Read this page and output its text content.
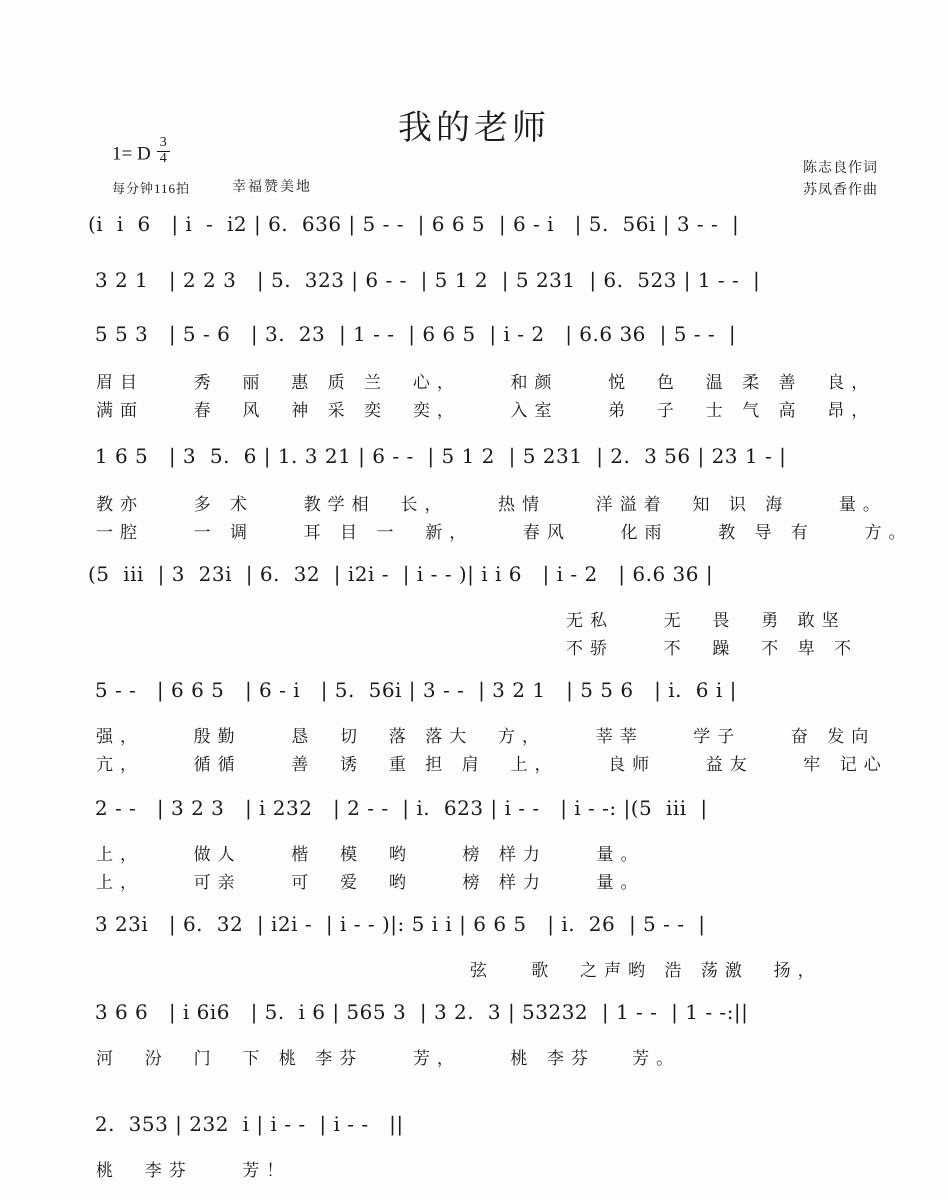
我的老师
1= D $\frac{3}{4}$
每分钟116拍	幸福赞美地
陈志良作词
苏凤香作曲
(i  i  6   | i  -  i2 | 6.  636 | 5 - -  | 6 6 5  | 6 - i   | 5.  56i | 3 - -  |
3 2 1   | 2 2 3   | 5.  323 | 6 - -  | 5 1 2  | 5 231  | 6.  523 | 1 - -  |
5 5 3   | 5 - 6   | 3.  23  | 1 - -  | 6 6 5  | i - 2   | 6.6 36  | 5 - -  |
眉目    秀  丽  惠 质 兰  心，    和颜    悦  色  温 柔 善  良，
满面    春  风  神 采 奕  奕，    入室    弟  子  士 气 高  昂，
1 6 5   | 3  5.  6 | 1. 3 21 | 6 - -  | 5 1 2  | 5 231  | 2.  3 56 | 23 1 - |
教亦    多 术    教学相  长，    热情    洋溢着  知 识 海    量。
一腔    一 调    耳 目 一  新，    春风    化雨    教 导 有    方。
(5  iii  | 3  23i  | 6.  32  | i2i -  | i - - )| i i 6   | i - 2   | 6.6 36 |
无私    无  畏  勇 敢坚
不骄    不  躁  不 卑 不
5 - -   | 6 6 5   | 6 - i   | 5.  56i | 3 - -  | 3 2 1   | 5 5 6   | i.  6 i |
强，    殷勤    恳  切  落 落大  方，    莘莘    学子    奋 发向
亢，    循循    善  诱  重 担 肩  上，    良师    益友    牢 记心
2 - -   | 3 2 3   | i 232   | 2 - -  | i.  623 | i - -   | i - -: |(5  iii  |
上，    做人    楷  模  哟    榜 样力    量。
上，    可亲    可  爱  哟    榜 样力    量。
3 23i   | 6.  32  | i2i -  | i - - )|: 5 i i | 6 6 5   | i.  26  | 5 - -  |
弦   歌  之声哟 浩 荡激  扬，
3 6 6   | i 6i6   | 5.  i 6 | 565 3  | 3 2.  3 | 53232  | 1 - -  | 1 - -:||
河  汾  门  下 桃 李芬    芳，    桃 李芬   芳。
2.  353 | 232  i | i - -  | i - -   ||
桃  李芬    芳！
